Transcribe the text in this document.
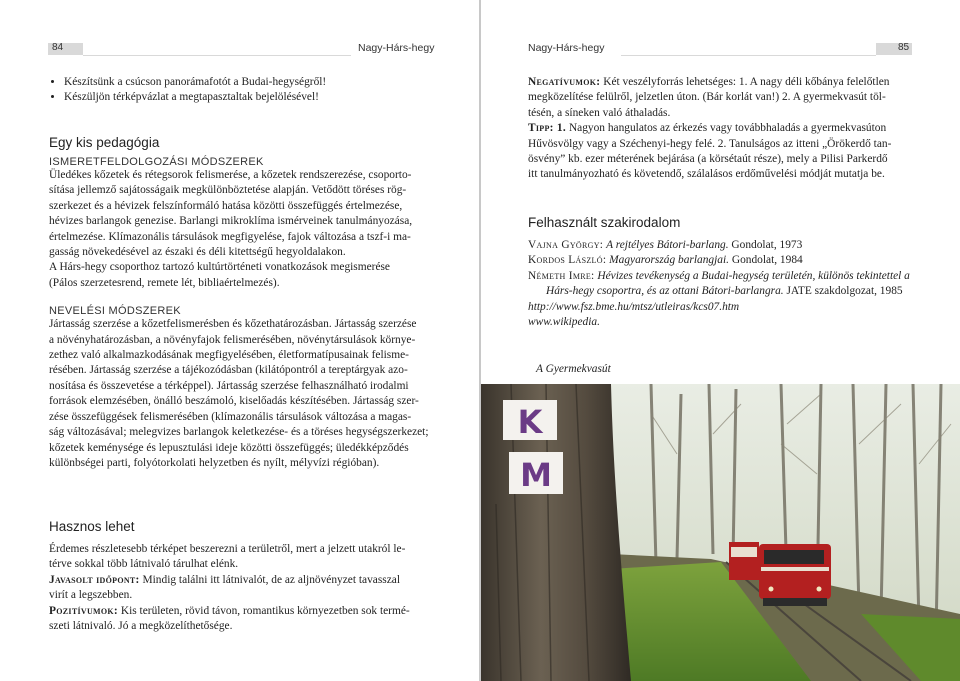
84	Nagy-Hárs-hegy
• Készítsünk a csúcson panorámafotót a Budai-hegységről!
• Készüljön térképvázlat a megtapasztaltak bejelölésével!

Egy kis pedagógia

ISMERETFELDOLGOZÁSI MÓDSZEREK

Üledékes kőzetek és rétegsorok felismerése, a kőzetek rendszerezése, csoporto-

sítása jellemző sajátosságaik megkülönböztetése alapján. Vetődött töréses rög-

szerkezet és a hévizek felszínformáló hatása közötti összefüggés értelmezése,

hévizes barlangok genezise. Barlangi mikroklíma ismérveinek tanulmányozása,

értelmezése. Klímazonális társulások megfigyelése, fajok változása a tszf-i ma-

gasság növekedésével az északi és déli kitettségű hegyoldalakon.

A Hárs-hegy csoporthoz tartozó kultúrtörténeti vonatkozások megismerése

(Pálos szerzetesrend, remete lét, bibliaértelmezés).

NEVELÉSI MÓDSZEREK

Jártasság szerzése a kőzetfelismerésben és kőzethatározásban. Jártasság szerzése

a növényhatározásban, a növényfajok felismerésében, növénytársulások környe-

zethez való alkalmazkodásának megfigyelésében, életformatípusainak felisme-

résében. Jártasság szerzése a tájékozódásban (kilátópontról a tereptárgyak azo-

nosítása és összevetése a térképpel). Jártasság szerzése felhasználható irodalmi

források elemzésében, önálló beszámoló, kiselőadás készítésében. Jártasság szer-

zése összefüggések felismerésében (klímazonális társulások változása a magas-

ság változásával; melegvizes barlangok keletkezése- és a töréses hegységszerkezet;

kőzetek keménysége és lepusztulási ideje közötti összefüggés; üledékképződés

különbségei parti, folyótorkolati helyzetben és nyílt, mélyvízi régióban).

Hasznos lehet

Érdemes részletesebb térképet beszerezni a területről, mert a jelzett utakról le-

térve sokkal több látnivaló tárulhat elénk.

Javasolt időpont: Mindig találni itt látnivalót, de az aljnövényzet tavasszal

virít a legszebben.

Pozitívumok: Kis területen, rövid távon, romantikus környezetben sok termé-

szeti látnivaló. Jó a megközelíthetősége.

Nagy-Hárs-hegy	85

Negatívumok: Két veszélyforrás lehetséges: 1. A nagy déli kőbánya felelőtlen

megközelítése felülről, jelzetlen úton. (Bár korlát van!) 2. A gyermekvasút töl-

tésén, a síneken való áthaladás.

Tipp: 1. Nagyon hangulatos az érkezés vagy továbbhaladás a gyermekvasúton

Hűvösvölgy vagy a Széchenyi-hegy felé. 2. Tanulságos az itteni „Örökerdő tan-

ösvény” kb. ezer méterének bejárása (a körsétaút része), mely a Pilisi Parkerdő

itt tanulmányozható és követendő, szálalásos erdőművelési módját mutatja be.

Felhasznált szakirodalom

Vajna György: A rejtélyes Bátori-barlang. Gondolat, 1973

Kordos László: Magyarország barlangjai. Gondolat, 1984

Németh Imre: Hévizes tevékenység a Budai-hegység területén, különös tekintettel a Hárs-hegy csoportra, és az ottani Bátori-barlangra. JATE szakdolgozat, 1985

http://www.fsz.bme.hu/mtsz/utleiras/kcs07.htm

www.wikipedia.

A Gyermekvasút
K
M
